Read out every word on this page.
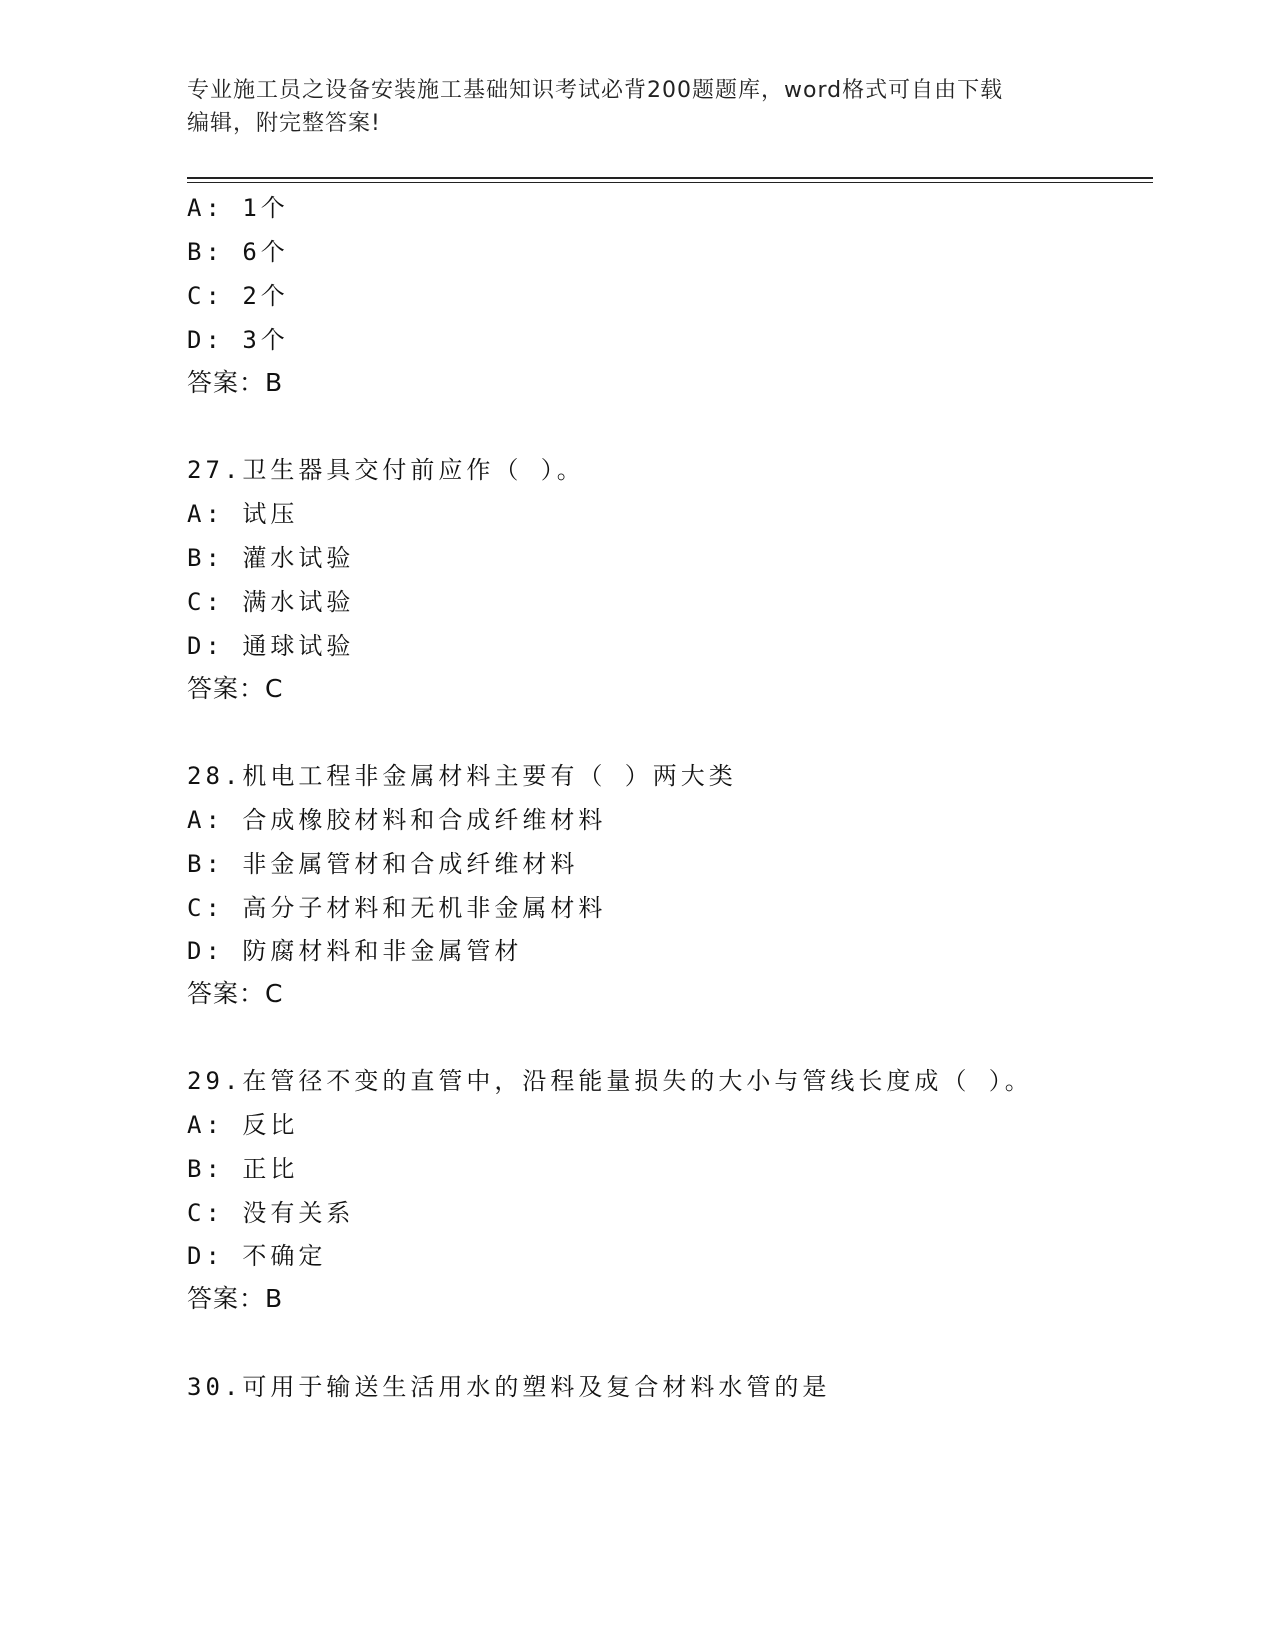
专业施工员之设备安装施工基础知识考试必背200题题库，word格式可自由下载
编辑，附完整答案!
A: 1个
B: 6个
C: 2个
D: 3个
答案：B
27.卫生器具交付前应作（ ）。
A: 试压
B: 灌水试验
C: 满水试验
D: 通球试验
答案：C
28.机电工程非金属材料主要有（ ）两大类
A: 合成橡胶材料和合成纤维材料
B: 非金属管材和合成纤维材料
C: 高分子材料和无机非金属材料
D: 防腐材料和非金属管材
答案：C
29.在管径不变的直管中，沿程能量损失的大小与管线长度成（ ）。
A: 反比
B: 正比
C: 没有关系
D: 不确定
答案：B
30.可用于输送生活用水的塑料及复合材料水管的是
